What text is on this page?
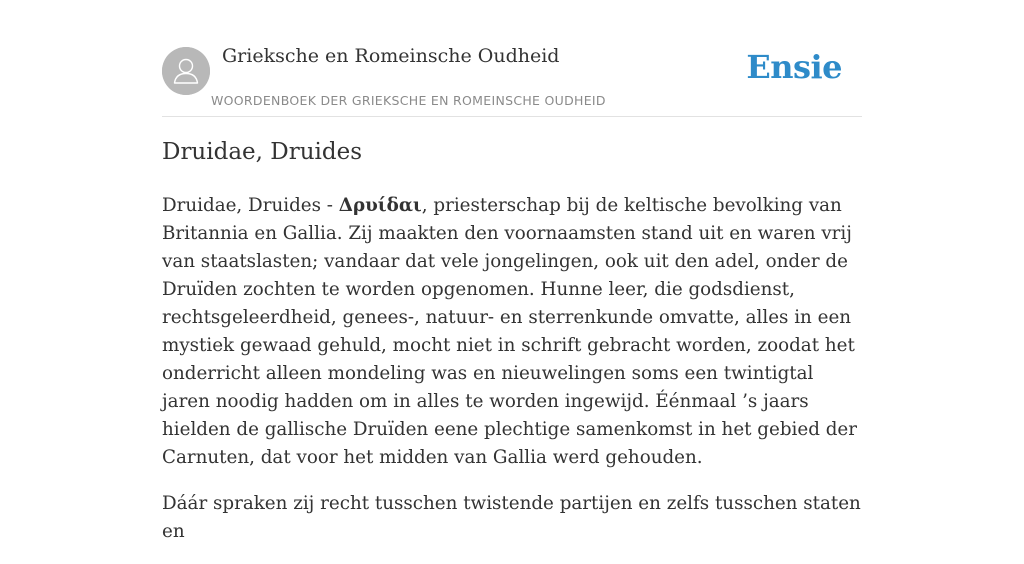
Grieksche en Romeinsche Oudheid
WOORDENBOEK DER GRIEKSCHE EN ROMEINSCHE OUDHEID
Ensie
Druidae, Druides

Druidae, Druides - Δρυίδαι, priesterschap bij de keltische bevolking van Britannia en Gallia. Zij maakten den voornaamsten stand uit en waren vrij van staatslasten; vandaar dat vele jongelingen, ook uit den adel, onder de Druïden zochten te worden opgenomen. Hunne leer, die godsdienst, rechtsgeleerdheid, genees-, natuur- en sterrenkunde omvatte, alles in een mystiek gewaad gehuld, mocht niet in schrift gebracht worden, zoodat het onderricht alleen mondeling was en nieuwelingen soms een twintigtal jaren noodig hadden om in alles te worden ingewijd. Éénmaal ’s jaars hielden de gallische Druïden eene plechtige samenkomst in het gebied der Carnuten, dat voor het midden van Gallia werd gehouden.

Dáár spraken zij recht tusschen twistende partijen en zelfs tusschen staten en
